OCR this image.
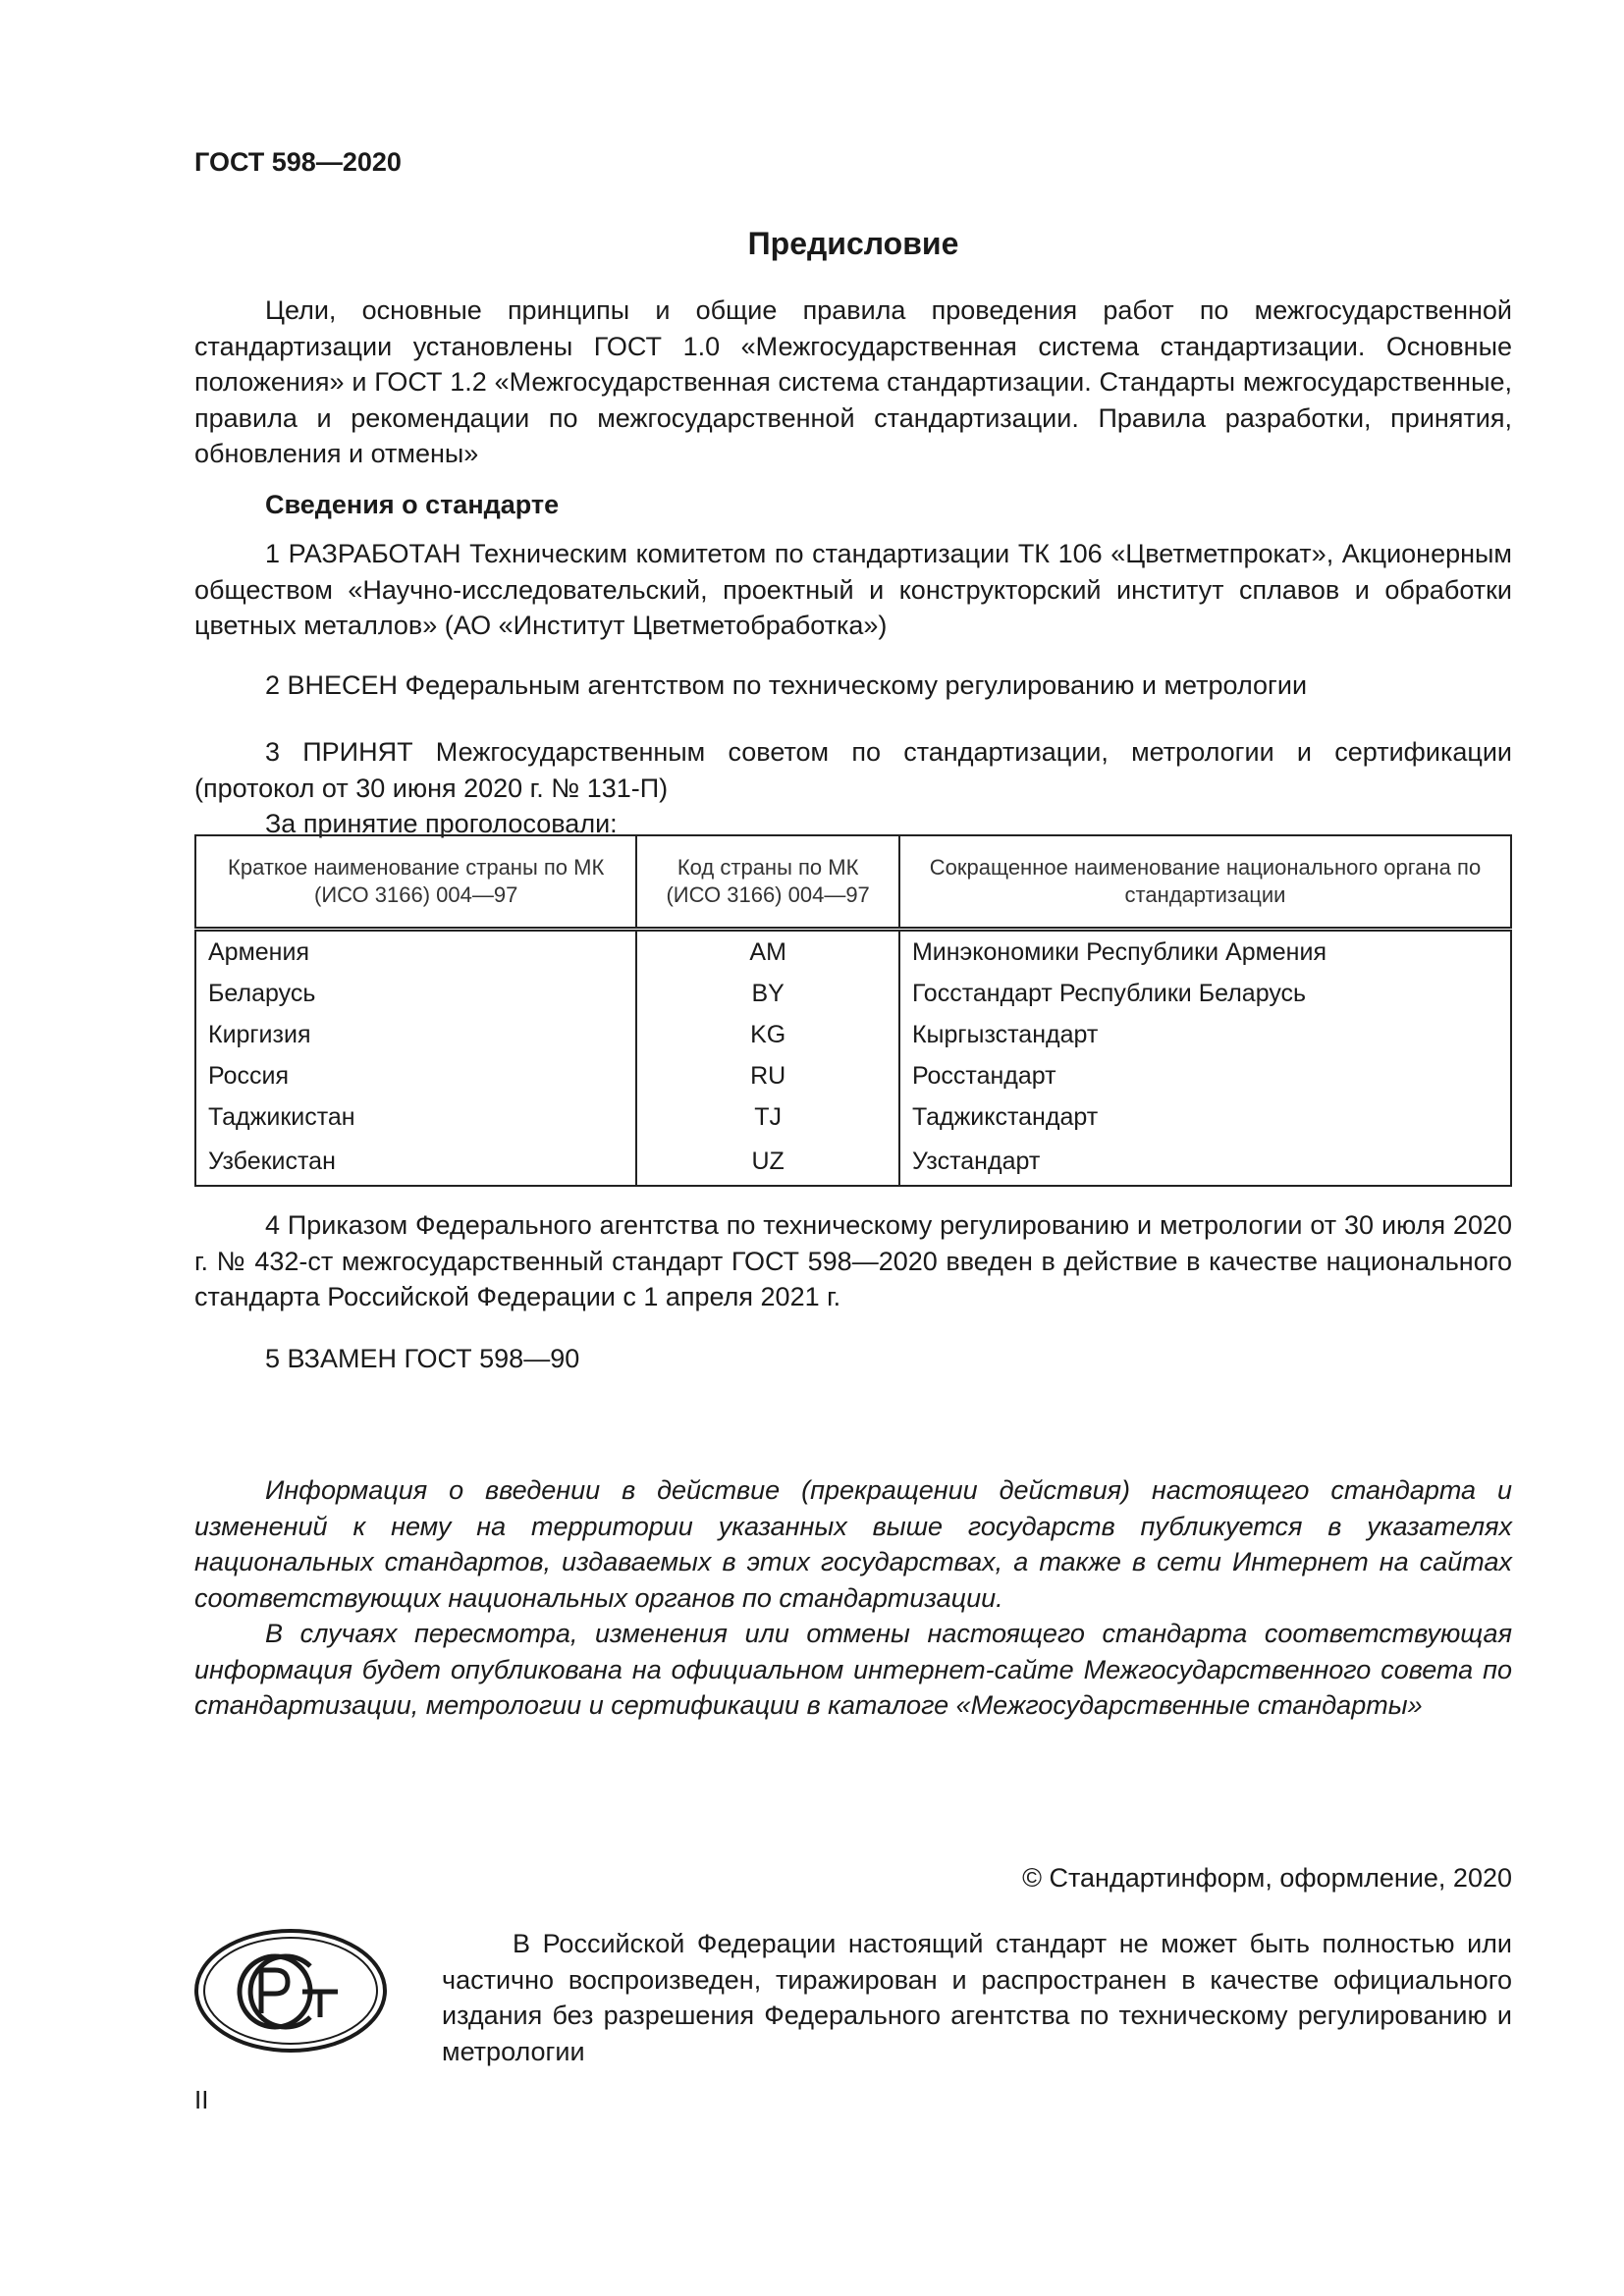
ГОСТ 598—2020
Предисловие

Цели, основные принципы и общие правила проведения работ по межгосударственной стандартизации установлены ГОСТ 1.0 «Межгосударственная система стандартизации. Основные положения» и ГОСТ 1.2 «Межгосударственная система стандартизации. Стандарты межгосударственные, правила и рекомендации по межгосударственной стандартизации. Правила разработки, принятия, обновления и отмены»

Сведения о стандарте

1 РАЗРАБОТАН Техническим комитетом по стандартизации ТК 106 «Цветметпрокат», Акционерным обществом «Научно-исследовательский, проектный и конструкторский институт сплавов и обработки цветных металлов» (АО «Институт Цветметобработка»)

2 ВНЕСЕН Федеральным агентством по техническому регулированию и метрологии

3 ПРИНЯТ Межгосударственным советом по стандартизации, метрологии и сертификации (протокол от 30 июня 2020 г. № 131-П)

За принятие проголосовали:

Краткое наименование страны по МК (ИСО 3166) 004—97	Код страны по МК (ИСО 3166) 004—97	Сокращенное наименование национального органа по стандартизации
Армения	AM	Минэкономики Республики Армения
Беларусь	BY	Госстандарт Республики Беларусь
Киргизия	KG	Кыргызстандарт
Россия	RU	Росстандарт
Таджикистан	TJ	Таджикстандарт
Узбекистан	UZ	Узстандарт

4 Приказом Федерального агентства по техническому регулированию и метрологии от 30 июля 2020 г. № 432-ст межгосударственный стандарт ГОСТ 598—2020 введен в действие в качестве национального стандарта Российской Федерации с 1 апреля 2021 г.

5 ВЗАМЕН ГОСТ 598—90

Информация о введении в действие (прекращении действия) настоящего стандарта и изменений к нему на территории указанных выше государств публикуется в указателях национальных стандартов, издаваемых в этих государствах, а также в сети Интернет на сайтах соответствующих национальных органов по стандартизации.

В случаях пересмотра, изменения или отмены настоящего стандарта соответствующая информация будет опубликована на официальном интернет-сайте Межгосударственного совета по стандартизации, метрологии и сертификации в каталоге «Межгосударственные стандарты»

© Стандартинформ, оформление, 2020

В Российской Федерации настоящий стандарт не может быть полностью или частично воспроизведен, тиражирован и распространен в качестве официального издания без разрешения Федерального агентства по техническому регулированию и метрологии

II
